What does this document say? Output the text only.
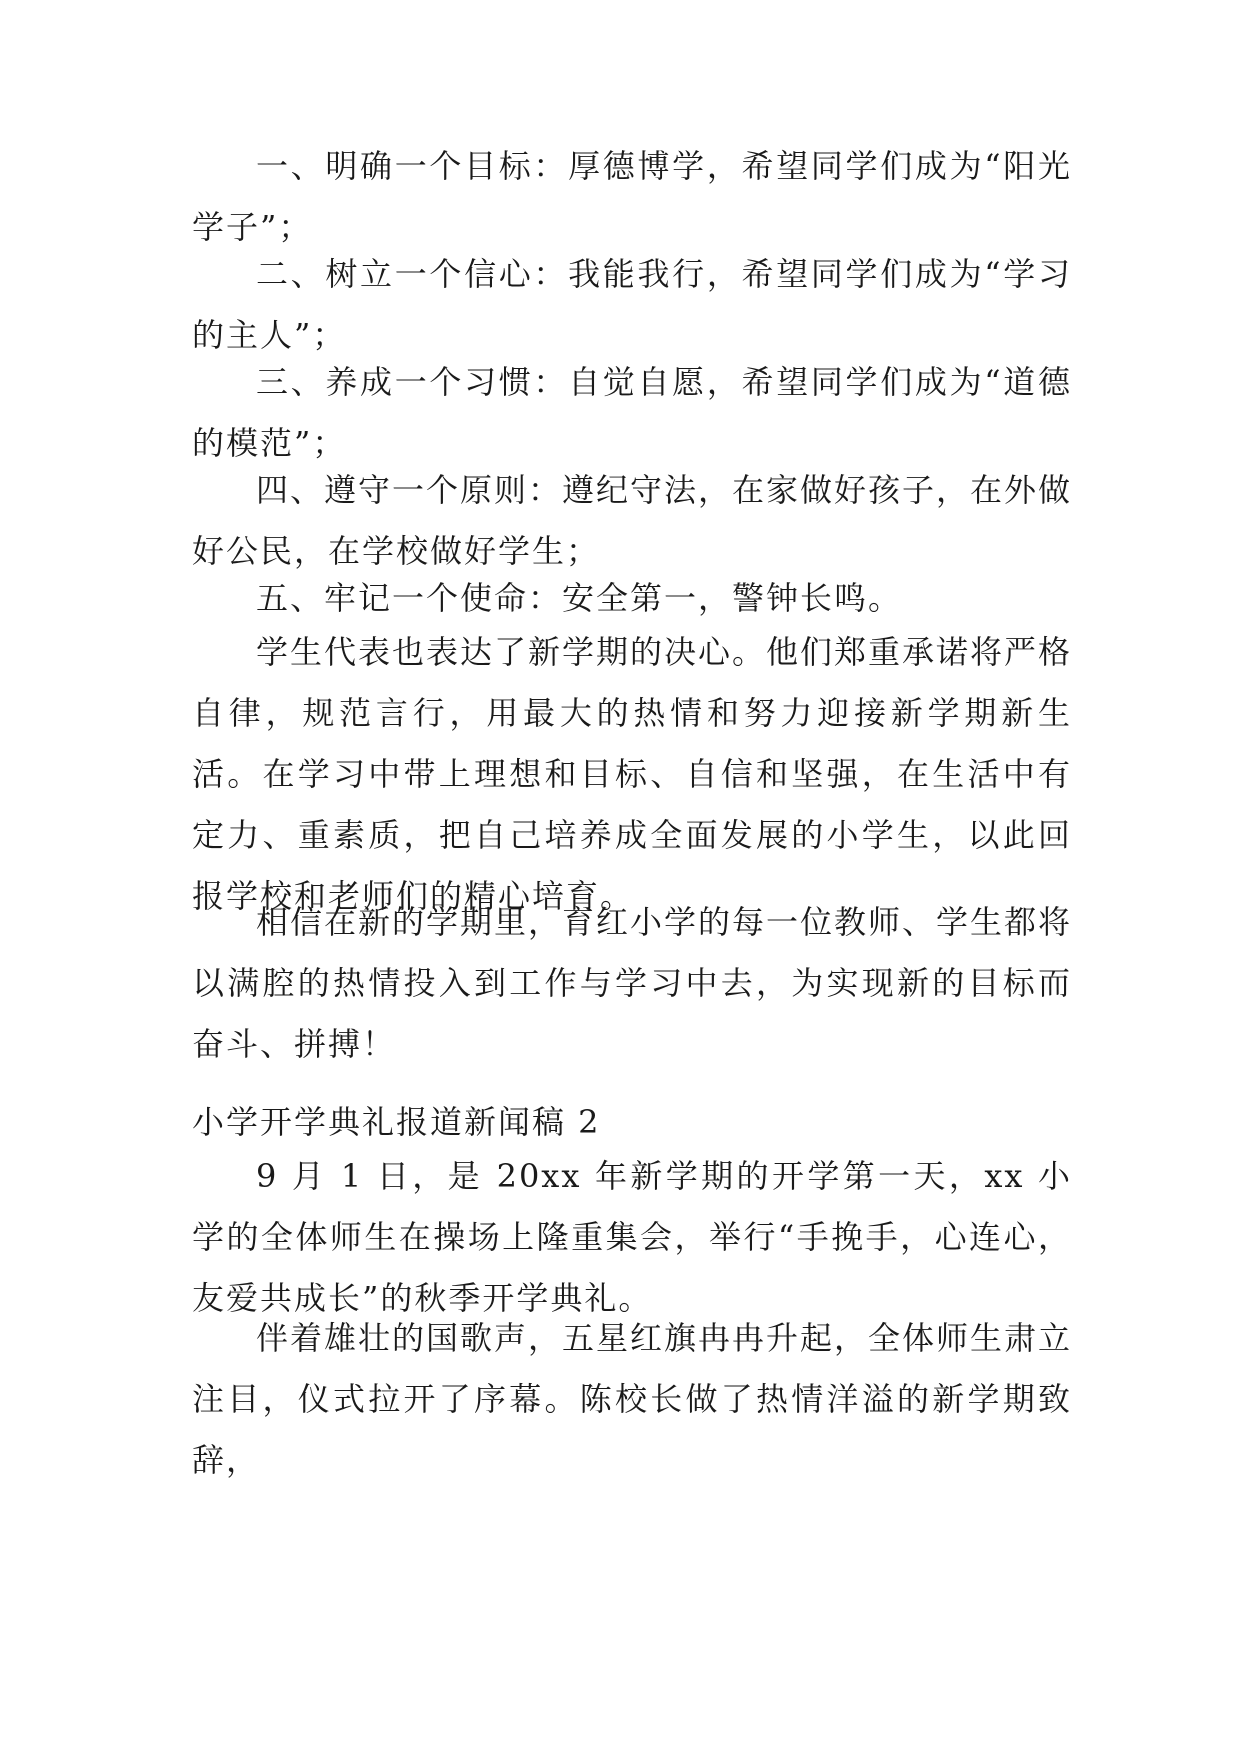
一、明确一个目标：厚德博学，希望同学们成为“阳光学子”；

二、树立一个信心：我能我行，希望同学们成为“学习的主人”；

三、养成一个习惯：自觉自愿，希望同学们成为“道德的模范”；

四、遵守一个原则：遵纪守法，在家做好孩子，在外做好公民，在学校做好学生；

五、牢记一个使命：安全第一，警钟长鸣。

学生代表也表达了新学期的决心。他们郑重承诺将严格自律，规范言行，用最大的热情和努力迎接新学期新生活。在学习中带上理想和目标、自信和坚强，在生活中有定力、重素质，把自己培养成全面发展的小学生，以此回报学校和老师们的精心培育。

相信在新的学期里，育红小学的每一位教师、学生都将以满腔的热情投入到工作与学习中去，为实现新的目标而奋斗、拼搏！

小学开学典礼报道新闻稿 2

9 月 1 日，是 20xx 年新学期的开学第一天，xx 小学的全体师生在操场上隆重集会，举行“手挽手，心连心，友爱共成长”的秋季开学典礼。

伴着雄壮的国歌声，五星红旗冉冉升起，全体师生肃立注目，仪式拉开了序幕。陈校长做了热情洋溢的新学期致辞，
